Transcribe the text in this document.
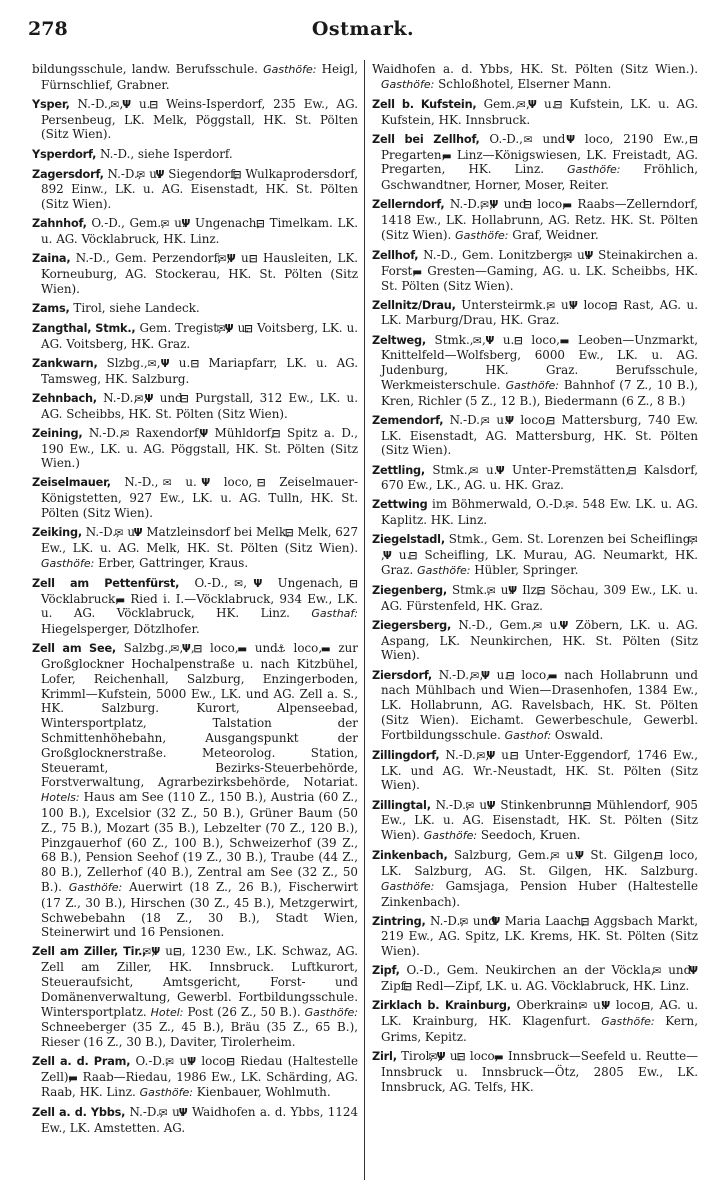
278	Ostmark.

bildungsschule, landw. Berufsschule. Gasthöfe: Heigl, Fürnschlief, Grabner.

Ysper, N.-D., ,  u.  Weins-Isperdorf, 235 Ew., AG. Persenbeug, LK. Melk, Pöggstall, HK. St. Pölten (Sitz Wien).

Ysperdorf, N.-D., siehe Isperdorf.

Zagersdorf, N.-D.,  u.  Siegendorf,  Wulkaprodersdorf, 892 Einw., LK. u. AG. Eisenstadt, HK. St. Pölten (Sitz Wien).

Zahnhof, O.-D., Gem.,  u.  Ungenach,  Timelkam. LK. u. AG. Vöcklabruck, HK. Linz.

Zaina, N.-D., Gem. Perzendorf, ,  u.  Hausleiten, LK. Korneuburg, AG. Stockerau, HK. St. Pölten (Sitz Wien).

Zams, Tirol, siehe Landeck.

Zangthal, Stmk., Gem. Tregist, ,  u.  Voitsberg, LK. u. AG. Voitsberg, HK. Graz.

Zankwarn, Slzbg., ,  u.  Mariapfarr, LK. u. AG. Tamsweg, HK. Salzburg.

Zehnbach, N.-D., ,  und  Purgstall, 312 Ew., LK. u. AG. Scheibbs, HK. St. Pölten (Sitz Wien).

Zeining, N.-D.,  Raxendorf,  Mühldorf,  Spitz a. D., 190 Ew., LK. u. AG. Pöggstall, HK. St. Pölten (Sitz Wien.)

Zeiselmauer, N.-D.,  u.  loco,  Zeiselmauer-Königstetten, 927 Ew., LK. u. AG. Tulln, HK. St. Pölten (Sitz Wien).

Zeiking, N.-D.,  u.  Matzleinsdorf bei Melk,  Melk, 627 Ew., LK. u. AG. Melk, HK. St. Pölten (Sitz Wien). Gasthöfe: Erber, Gattringer, Kraus.

Zell am Pettenfürst, O.-D., ,  Ungenach,  Vöcklabruck, ▬ Ried i. I.—Vöcklabruck, 934 Ew., LK. u. AG. Vöcklabruck, HK. Linz. Gasthaf: Hiegelsperger, Dötzlhofer.

Zell am See, Salzbg., , ,  loco, ▬ und ⚓ loco, ▬ zur Großglockner Hochalpenstraße u. nach Kitzbühel, Lofer, Reichenhall, Salzburg, Enzingerboden, Krimml—Kufstein, 5000 Ew., LK. und AG. Zell a. S., HK. Salzburg. Kurort, Alpenseebad, Wintersportplatz, Talstation der Schmittenhöhebahn, Ausgangspunkt der Großglocknerstraße. Meteorolog. Station, Steueramt, Bezirks-Steuerbehörde, Forstverwaltung, Agrarbezirksbehörde, Notariat. Hotels: Haus am See (110 Z., 150 B.), Austria (60 Z., 100 B.), Excelsior (32 Z., 50 B.), Grüner Baum (50 Z., 75 B.), Mozart (35 B.), Lebzelter (70 Z., 120 B.), Pinzgauerhof (60 Z., 100 B.), Schweizerhof (39 Z., 68 B.), Pension Seehof (19 Z., 30 B.), Traube (44 Z., 80 B.), Zellerhof (40 B.), Zentral am See (32 Z., 50 B.). Gasthöfe: Auerwirt (18 Z., 26 B.), Fischerwirt (17 Z., 30 B.), Hirschen (30 Z., 45 B.), Metzgerwirt, Schwebebahn (18 Z., 30 B.), Stadt Wien, Steinerwirt und 16 Pensionen.

Zell am Ziller, Tir., ,  u. , 1230 Ew., LK. Schwaz, AG. Zell am Ziller, HK. Innsbruck. Luftkurort, Steueraufsicht, Amtsgericht, Forst- und Domänenverwaltung, Gewerbl. Fortbildungsschule. Wintersportplatz. Hotel: Post (26 Z., 50 B.). Gasthöfe: Schneeberger (35 Z., 45 B.), Bräu (35 Z., 65 B.), Rieser (16 Z., 30 B.), Daviter, Tirolerheim.

Zell a. d. Pram, O.-D.,  u.  loco,  Riedau (Haltestelle Zell), ▬ Raab—Riedau, 1986 Ew., LK. Schärding, AG. Raab, HK. Linz. Gasthöfe: Kienbauer, Wohlmuth.

Zell a. d. Ybbs, N.-D.,  u.  Waidhofen a. d. Ybbs, 1124 Ew., LK. Amstetten. AG.

Waidhofen a. d. Ybbs, HK. St. Pölten (Sitz Wien.). Gasthöfe: Schloßhotel, Elserner Mann.

Zell b. Kufstein, Gem., ,  u.  Kufstein, LK. u. AG. Kufstein, HK. Innsbruck.

Zell bei Zellhof, O.-D.,  und  loco, 2190 Ew.,  Pregarten, ▬ Linz—Königswiesen, LK. Freistadt, AG. Pregarten, HK. Linz. Gasthöfe: Fröhlich, Gschwandtner, Horner, Moser, Reiter.

Zellerndorf, N.-D., ,  und  loco, ▬ Raabs—Zellerndorf, 1418 Ew., LK. Hollabrunn, AG. Retz. HK. St. Pölten (Sitz Wien). Gasthöfe: Graf, Weidner.

Zellhof, N.-D., Gem. Lonitzberg,  u.  Steinakirchen a. Forst, ▬ Gresten—Gaming, AG. u. LK. Scheibbs, HK. St. Pölten (Sitz Wien).

Zellnitz/Drau, Untersteirmk.,  u.  loco,  Rast, AG. u. LK. Marburg/Drau, HK. Graz.

Zeltweg, Stmk., ,  u.  loco, ▬ Leoben—Unzmarkt, Knittelfeld—Wolfsberg, 6000 Ew., LK. u. AG. Judenburg, HK. Graz. Berufsschule, Werkmeisterschule. Gasthöfe: Bahnhof (7 Z., 10 B.), Kren, Richler (5 Z., 12 B.), Biedermann (6 Z., 8 B.)

Zemendorf, N.-D.,  u.  loco,  Mattersburg, 740 Ew. LK. Eisenstadt, AG. Mattersburg, HK. St. Pölten (Sitz Wien).

Zettling, Stmk.,  u.  Unter-Premstätten,  Kalsdorf, 670 Ew., LK., AG. u. HK. Graz.

Zettwing im Böhmerwald, O.-D., . 548 Ew. LK. u. AG. Kaplitz. HK. Linz.

Ziegelstadl, Stmk., Gem. St. Lorenzen bei Scheifling, ,  u.  Scheifling, LK. Murau, AG. Neumarkt, HK. Graz. Gasthöfe: Hübler, Springer.

Ziegenberg, Stmk.,  u.  Ilz,  Söchau, 309 Ew., LK. u. AG. Fürstenfeld, HK. Graz.

Ziegersberg, N.-D., Gem.,  u.  Zöbern, LK. u. AG. Aspang, LK. Neunkirchen, HK. St. Pölten (Sitz Wien).

Ziersdorf, N.-D., ,  u.  loco, ▬ nach Hollabrunn und nach Mühlbach und Wien—Drasenhofen, 1384 Ew., LK. Hollabrunn, AG. Ravelsbach, HK. St. Pölten (Sitz Wien). Eichamt. Gewerbeschule, Gewerbl. Fortbildungsschule. Gasthof: Oswald.

Zillingdorf, N.-D., ,  u.  Unter-Eggendorf, 1746 Ew., LK. und AG. Wr.-Neustadt, HK. St. Pölten (Sitz Wien).

Zillingtal, N.-D.,  u.  Stinkenbrunn,  Mühlendorf, 905 Ew., LK. u. AG. Eisenstadt, HK. St. Pölten (Sitz Wien). Gasthöfe: Seedoch, Kruen.

Zinkenbach, Salzburg, Gem.,  u.  St. Gilgen,  loco, LK. Salzburg, AG. St. Gilgen, HK. Salzburg. Gasthöfe: Gamsjaga, Pension Huber (Haltestelle Zinkenbach).

Zintring, N.-D.,  und  Maria Laach,  Aggsbach Markt, 219 Ew., AG. Spitz, LK. Krems, HK. St. Pölten (Sitz Wien).

Zipf, O.-D., Gem. Neukirchen an der Vöckla,  und  Zipf.  Redl—Zipf, LK. u. AG. Vöcklabruck, HK. Linz.

Zirklach b. Krainburg, Oberkrain.  u.  loco, , AG. u. LK. Krainburg, HK. Klagenfurt. Gasthöfe: Kern, Grims, Kepitz.

Zirl, Tirol, ,  u.  loco, ▬ Innsbruck—Seefeld u. Reutte—Innsbruck u. Innsbruck—Ötz, 2805 Ew., LK. Innsbruck, AG. Telfs, HK.
